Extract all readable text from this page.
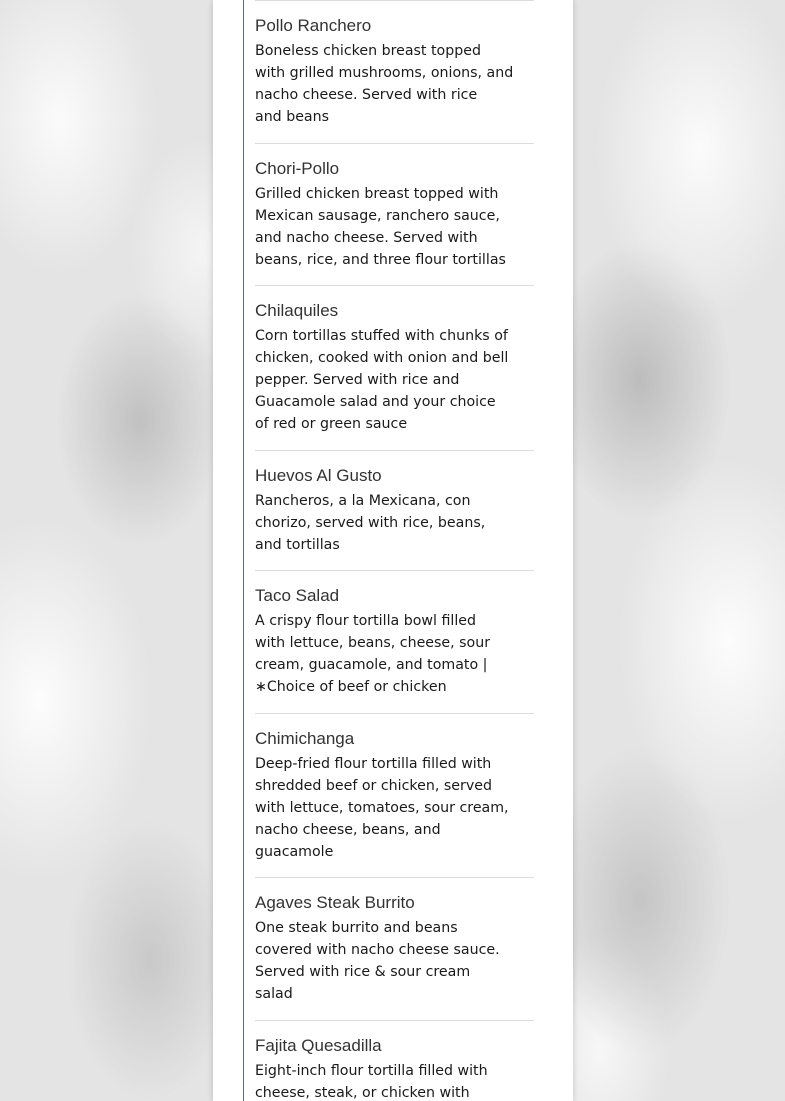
Pollo Ranchero
Boneless chicken breast topped
with grilled mushrooms, onions, and
nacho cheese. Served with rice
and beans
Chori-Pollo
Grilled chicken breast topped with
Mexican sausage, ranchero sauce,
and nacho cheese. Served with
beans, rice, and three flour tortillas
Chilaquiles
Corn tortillas stuffed with chunks of
chicken, cooked with onion and bell
pepper. Served with rice and
Guacamole salad and your choice
of red or green sauce
Huevos Al Gusto
Rancheros, a la Mexicana, con
chorizo, served with rice, beans,
and tortillas
Taco Salad
A crispy flour tortilla bowl filled
with lettuce, beans, cheese, sour
cream, guacamole, and tomato |
∗Choice of beef or chicken
Chimichanga
Deep-fried flour tortilla filled with
shredded beef or chicken, served
with lettuce, tomatoes, sour cream,
nacho cheese, beans, and
guacamole
Agaves Steak Burrito
One steak burrito and beans
covered with nacho cheese sauce.
Served with rice & sour cream
salad
Fajita Quesadilla
Eight-inch flour tortilla filled with
cheese, steak, or chicken with
